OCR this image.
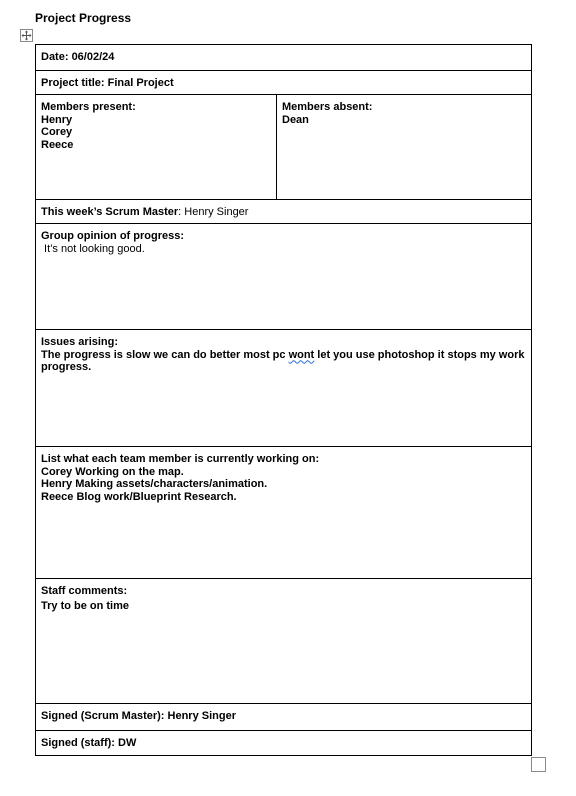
Project Progress
Date: 06/02/24
Project title: Final Project

Members present:
Henry
Corey
Reece

Members absent:
Dean

This week’s Scrum Master: Henry Singer

Group opinion of progress:
It’s not looking good.

Issues arising:
The progress is slow we can do better most pc wont let you use photoshop it stops my work progress.

List what each team member is currently working on:
Corey Working on the map.
Henry Making assets/characters/animation.
Reece Blog work/Blueprint Research.

Staff comments:
Try to be on time

Signed (Scrum Master): Henry Singer
Signed (staff): DW
